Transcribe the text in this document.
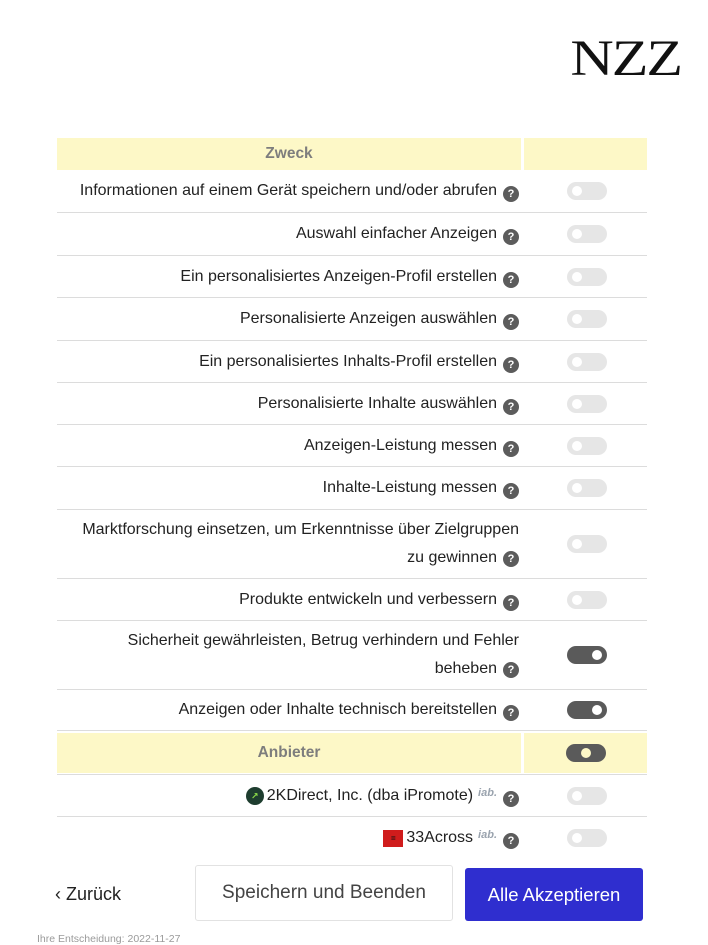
NZZ
Zweck
Informationen auf einem Gerät speichern und/oder abrufen ?
Auswahl einfacher Anzeigen ?
Ein personalisiertes Anzeigen-Profil erstellen ?
Personalisierte Anzeigen auswählen ?
Ein personalisiertes Inhalts-Profil erstellen ?
Personalisierte Inhalte auswählen ?
Anzeigen-Leistung messen ?
Inhalte-Leistung messen ?
Marktforschung einsetzen, um Erkenntnisse über Zielgruppen zu gewinnen ?
Produkte entwickeln und verbessern ?
Sicherheit gewährleisten, Betrug verhindern und Fehler beheben ?
Anzeigen oder Inhalte technisch bereitstellen ?
Anbieter
↗ 2KDirect, Inc. (dba iPromote) iab. ?
= 33Across iab. ?
‹ Zurück	Speichern und Beenden	Alle Akzeptieren
Ihre Entscheidung: 2022-11-27
